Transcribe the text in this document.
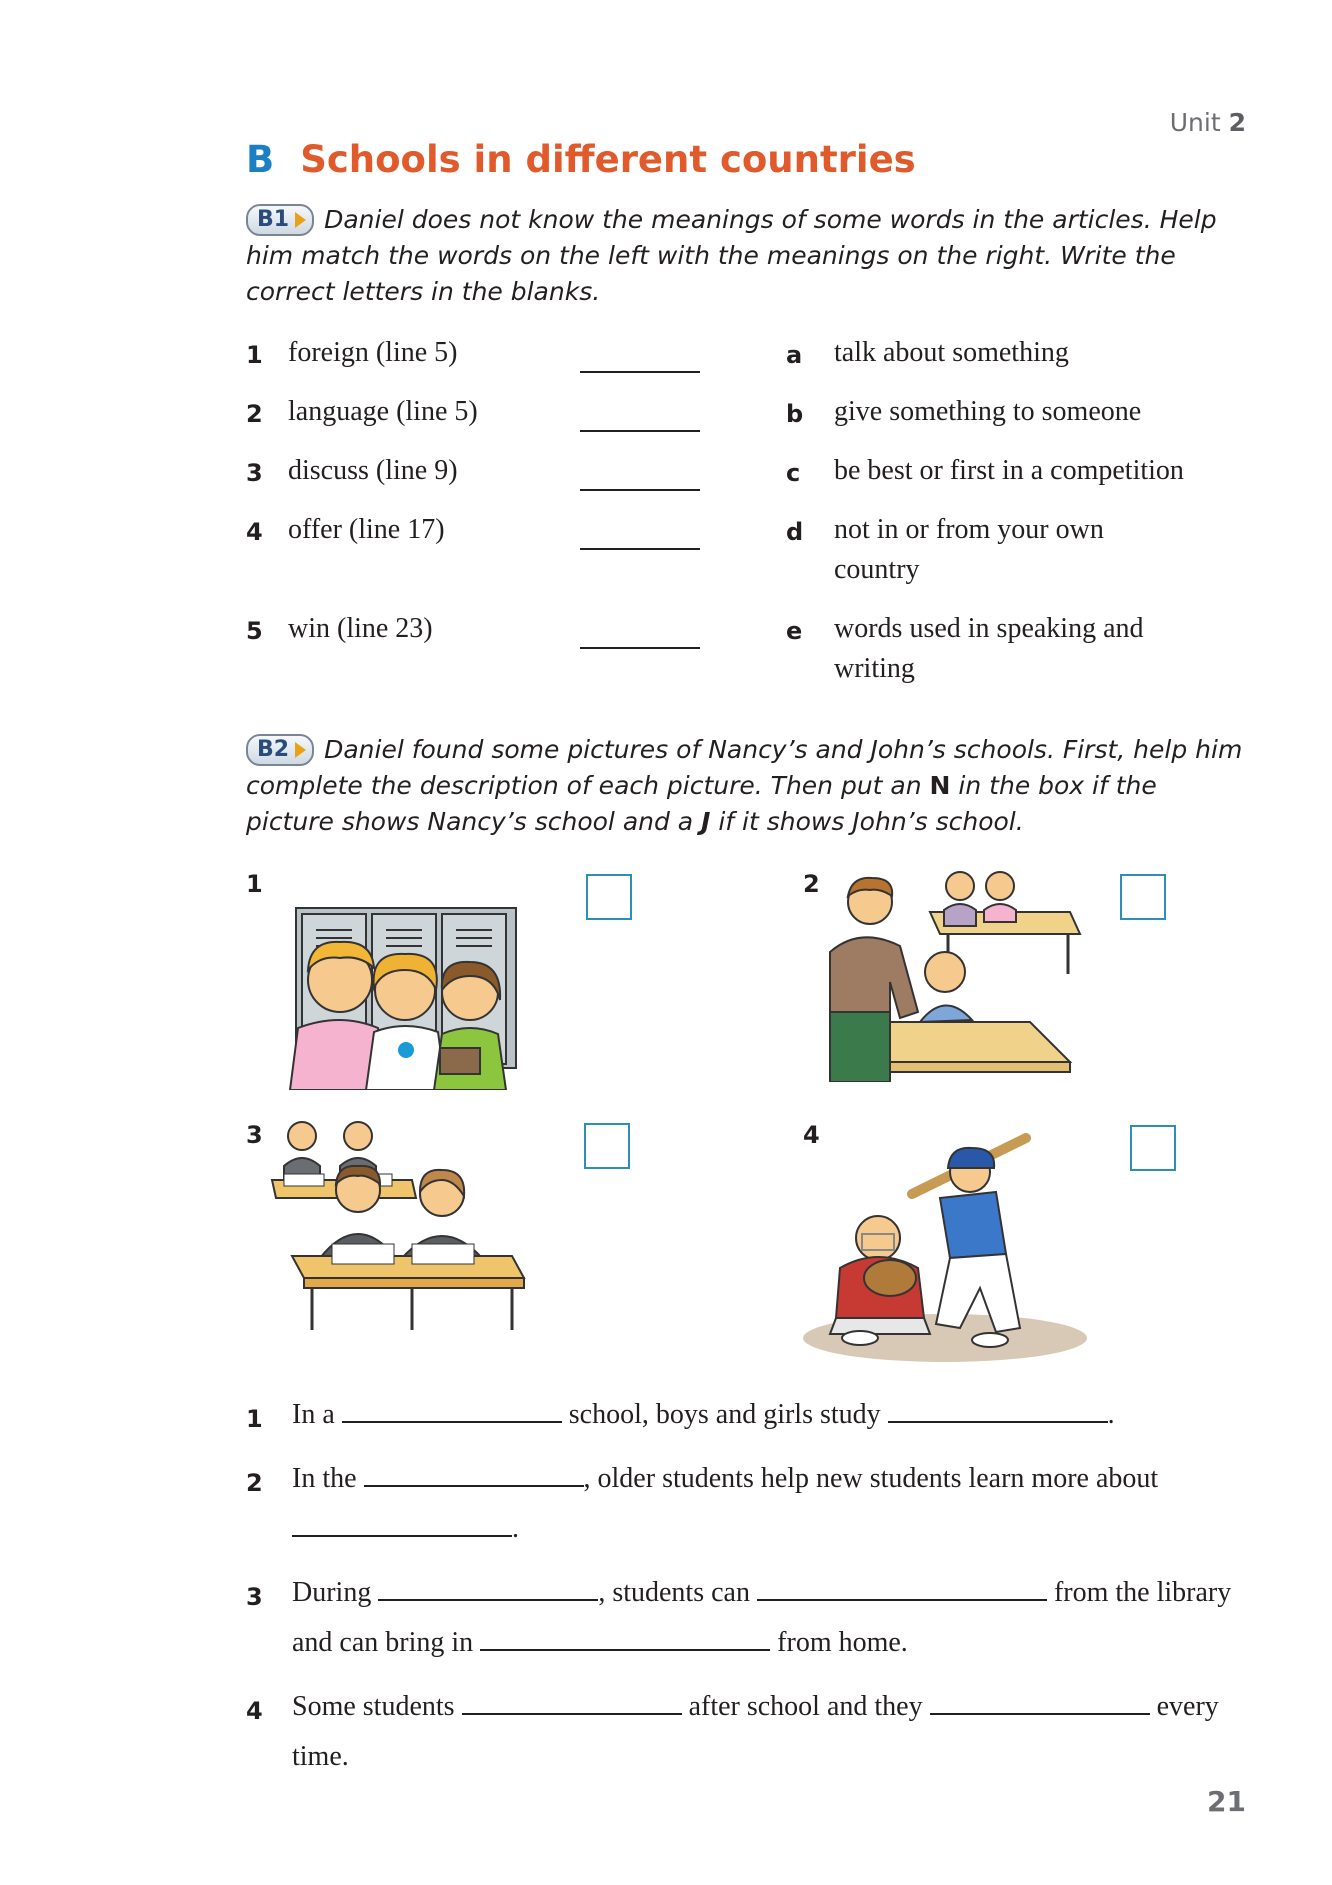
Unit 2
B Schools in different countries
B1 Daniel does not know the meanings of some words in the articles. Help him match the words on the left with the meanings on the right. Write the correct letters in the blanks.
1 foreign (line 5)	a talk about something
2 language (line 5)	b give something to someone
3 discuss (line 9)	c be best or first in a competition
4 offer (line 17)	d not in or from your own country
5 win (line 23)	e words used in speaking and writing
B2 Daniel found some pictures of Nancy’s and John’s schools. First, help him complete the description of each picture. Then put an N in the box if the picture shows Nancy’s school and a J if it shows John’s school.
1	2
3	4
1 In a	school, boys and girls study	.
2 In the	, older students help new students learn more about .
3 During	, students can	from the library and can bring in	from home.
4 Some students	after school and they	every time.
21
